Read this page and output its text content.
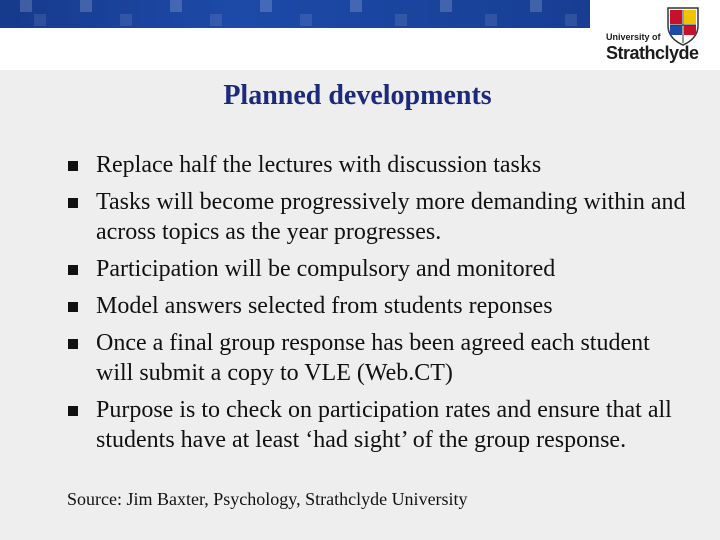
University of
Strathclyde
Planned developments
Replace half the lectures with discussion tasks
Tasks will become progressively more demanding within and across topics as the year progresses.
Participation will be compulsory and monitored
Model answers selected from students reponses
Once a final group response has been agreed each student will submit a copy to VLE (Web.CT)
Purpose is to check on participation rates and ensure that all students have at least ‘had sight’ of the group response.
Source: Jim Baxter, Psychology, Strathclyde University
